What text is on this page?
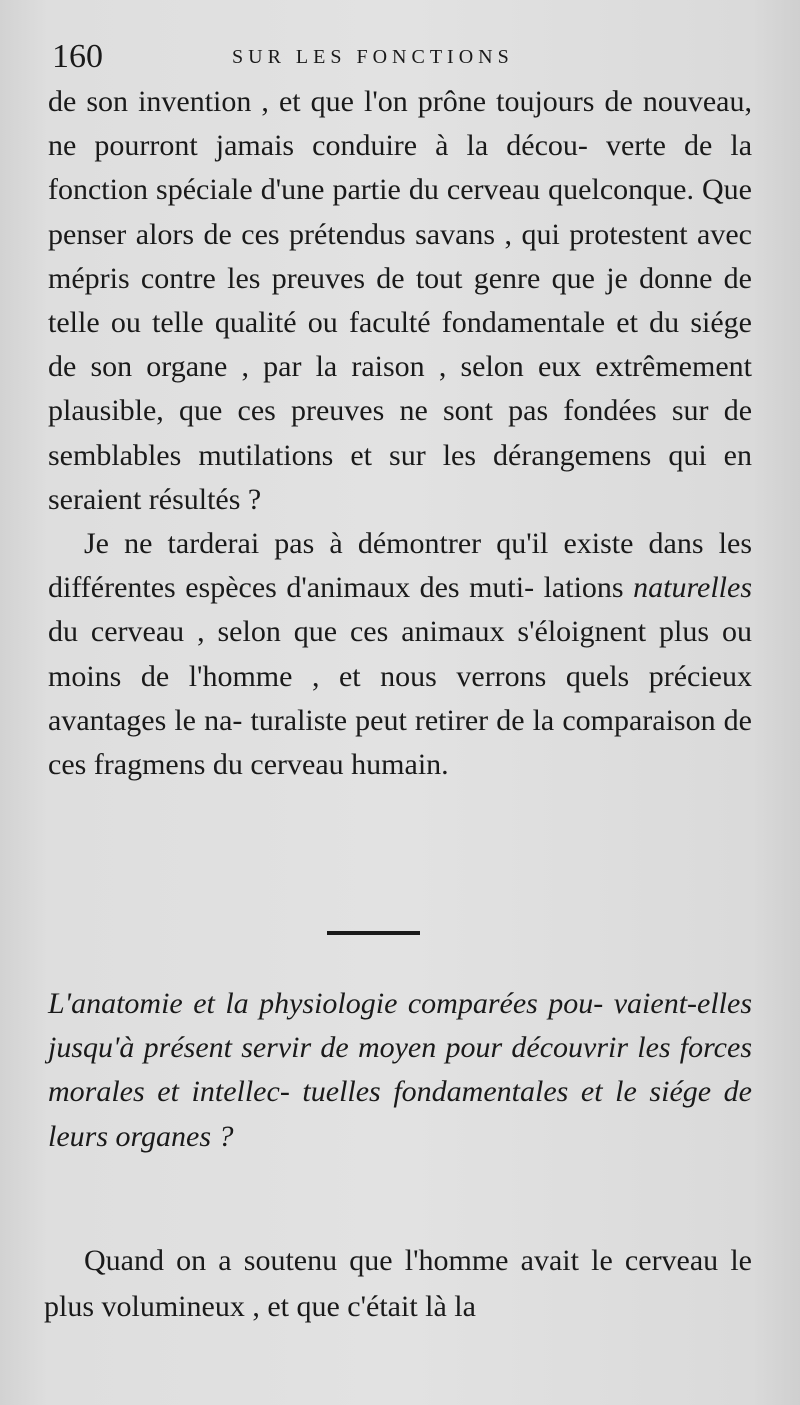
160	SUR LES FONCTIONS

de son invention , et que l'on prône toujours de nouveau, ne pourront jamais conduire à la décou- verte de la fonction spéciale d'une partie du cerveau quelconque. Que penser alors de ces prétendus savans , qui protestent avec mépris contre les preuves de tout genre que je donne de telle ou telle qualité ou faculté fondamentale et du siége de son organe , par la raison , selon eux extrêmement plausible, que ces preuves ne sont pas fondées sur de semblables mutilations et sur les dérangemens qui en seraient résultés ?

Je ne tarderai pas à démontrer qu'il existe dans les différentes espèces d'animaux des muti- lations naturelles du cerveau , selon que ces animaux s'éloignent plus ou moins de l'homme , et nous verrons quels précieux avantages le na- turaliste peut retirer de la comparaison de ces fragmens du cerveau humain.

L'anatomie et la physiologie comparées pou- vaient-elles jusqu'à présent servir de moyen pour découvrir les forces morales et intellec- tuelles fondamentales et le siége de leurs organes ?

Quand on a soutenu que l'homme avait le cerveau le plus volumineux , et que c'était là la
